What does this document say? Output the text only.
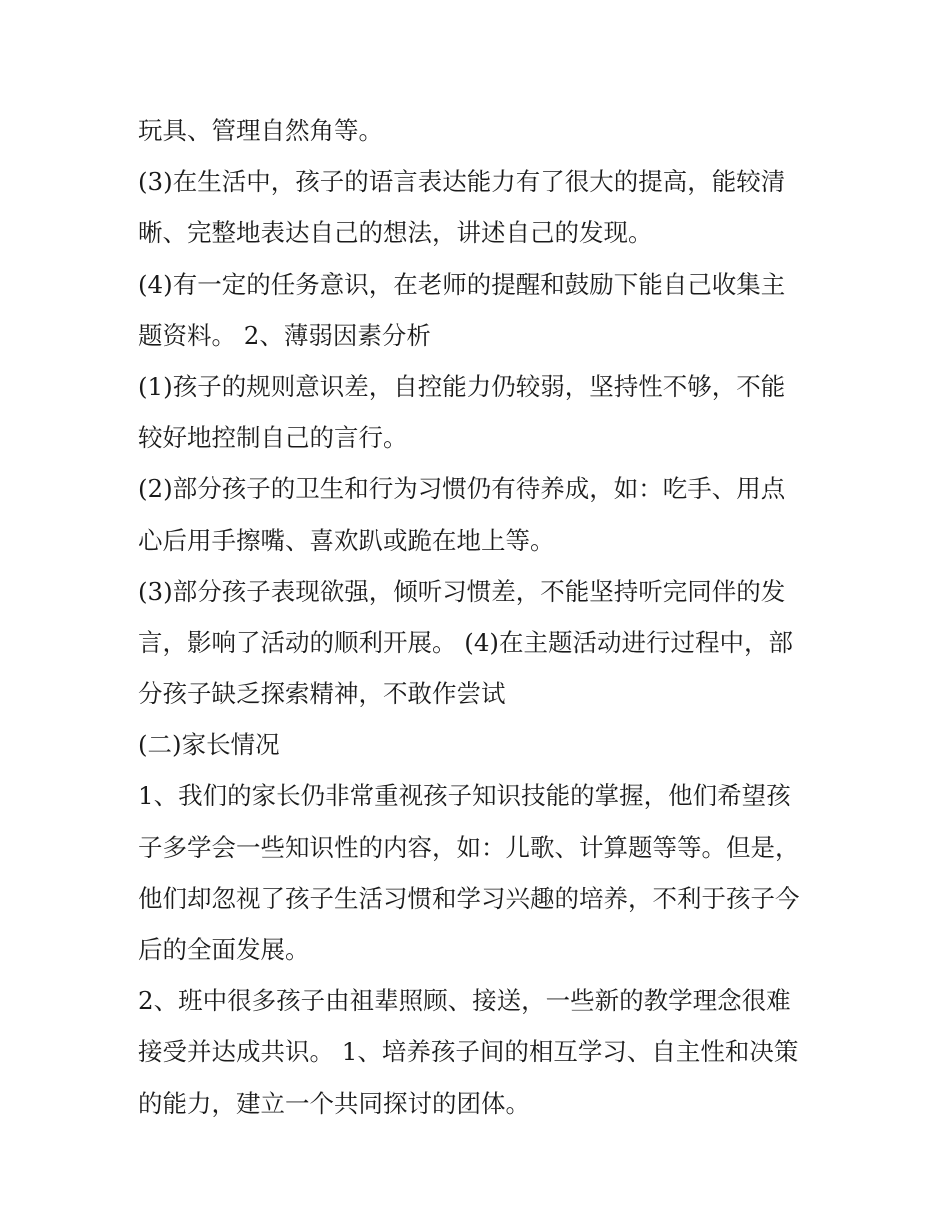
玩具、管理自然角等。
(3)在生活中，孩子的语言表达能力有了很大的提高，能较清
晰、完整地表达自己的想法，讲述自己的发现。
(4)有一定的任务意识，在老师的提醒和鼓励下能自己收集主
题资料。 2、薄弱因素分析
(1)孩子的规则意识差，自控能力仍较弱，坚持性不够，不能
较好地控制自己的言行。
(2)部分孩子的卫生和行为习惯仍有待养成，如：吃手、用点
心后用手擦嘴、喜欢趴或跪在地上等。
(3)部分孩子表现欲强，倾听习惯差，不能坚持听完同伴的发
言，影响了活动的顺利开展。 (4)在主题活动进行过程中，部
分孩子缺乏探索精神，不敢作尝试
(二)家长情况
1、我们的家长仍非常重视孩子知识技能的掌握，他们希望孩
子多学会一些知识性的内容，如：儿歌、计算题等等。但是，
他们却忽视了孩子生活习惯和学习兴趣的培养，不利于孩子今
后的全面发展。
2、班中很多孩子由祖辈照顾、接送，一些新的教学理念很难
接受并达成共识。 1、培养孩子间的相互学习、自主性和决策
的能力，建立一个共同探讨的团体。
